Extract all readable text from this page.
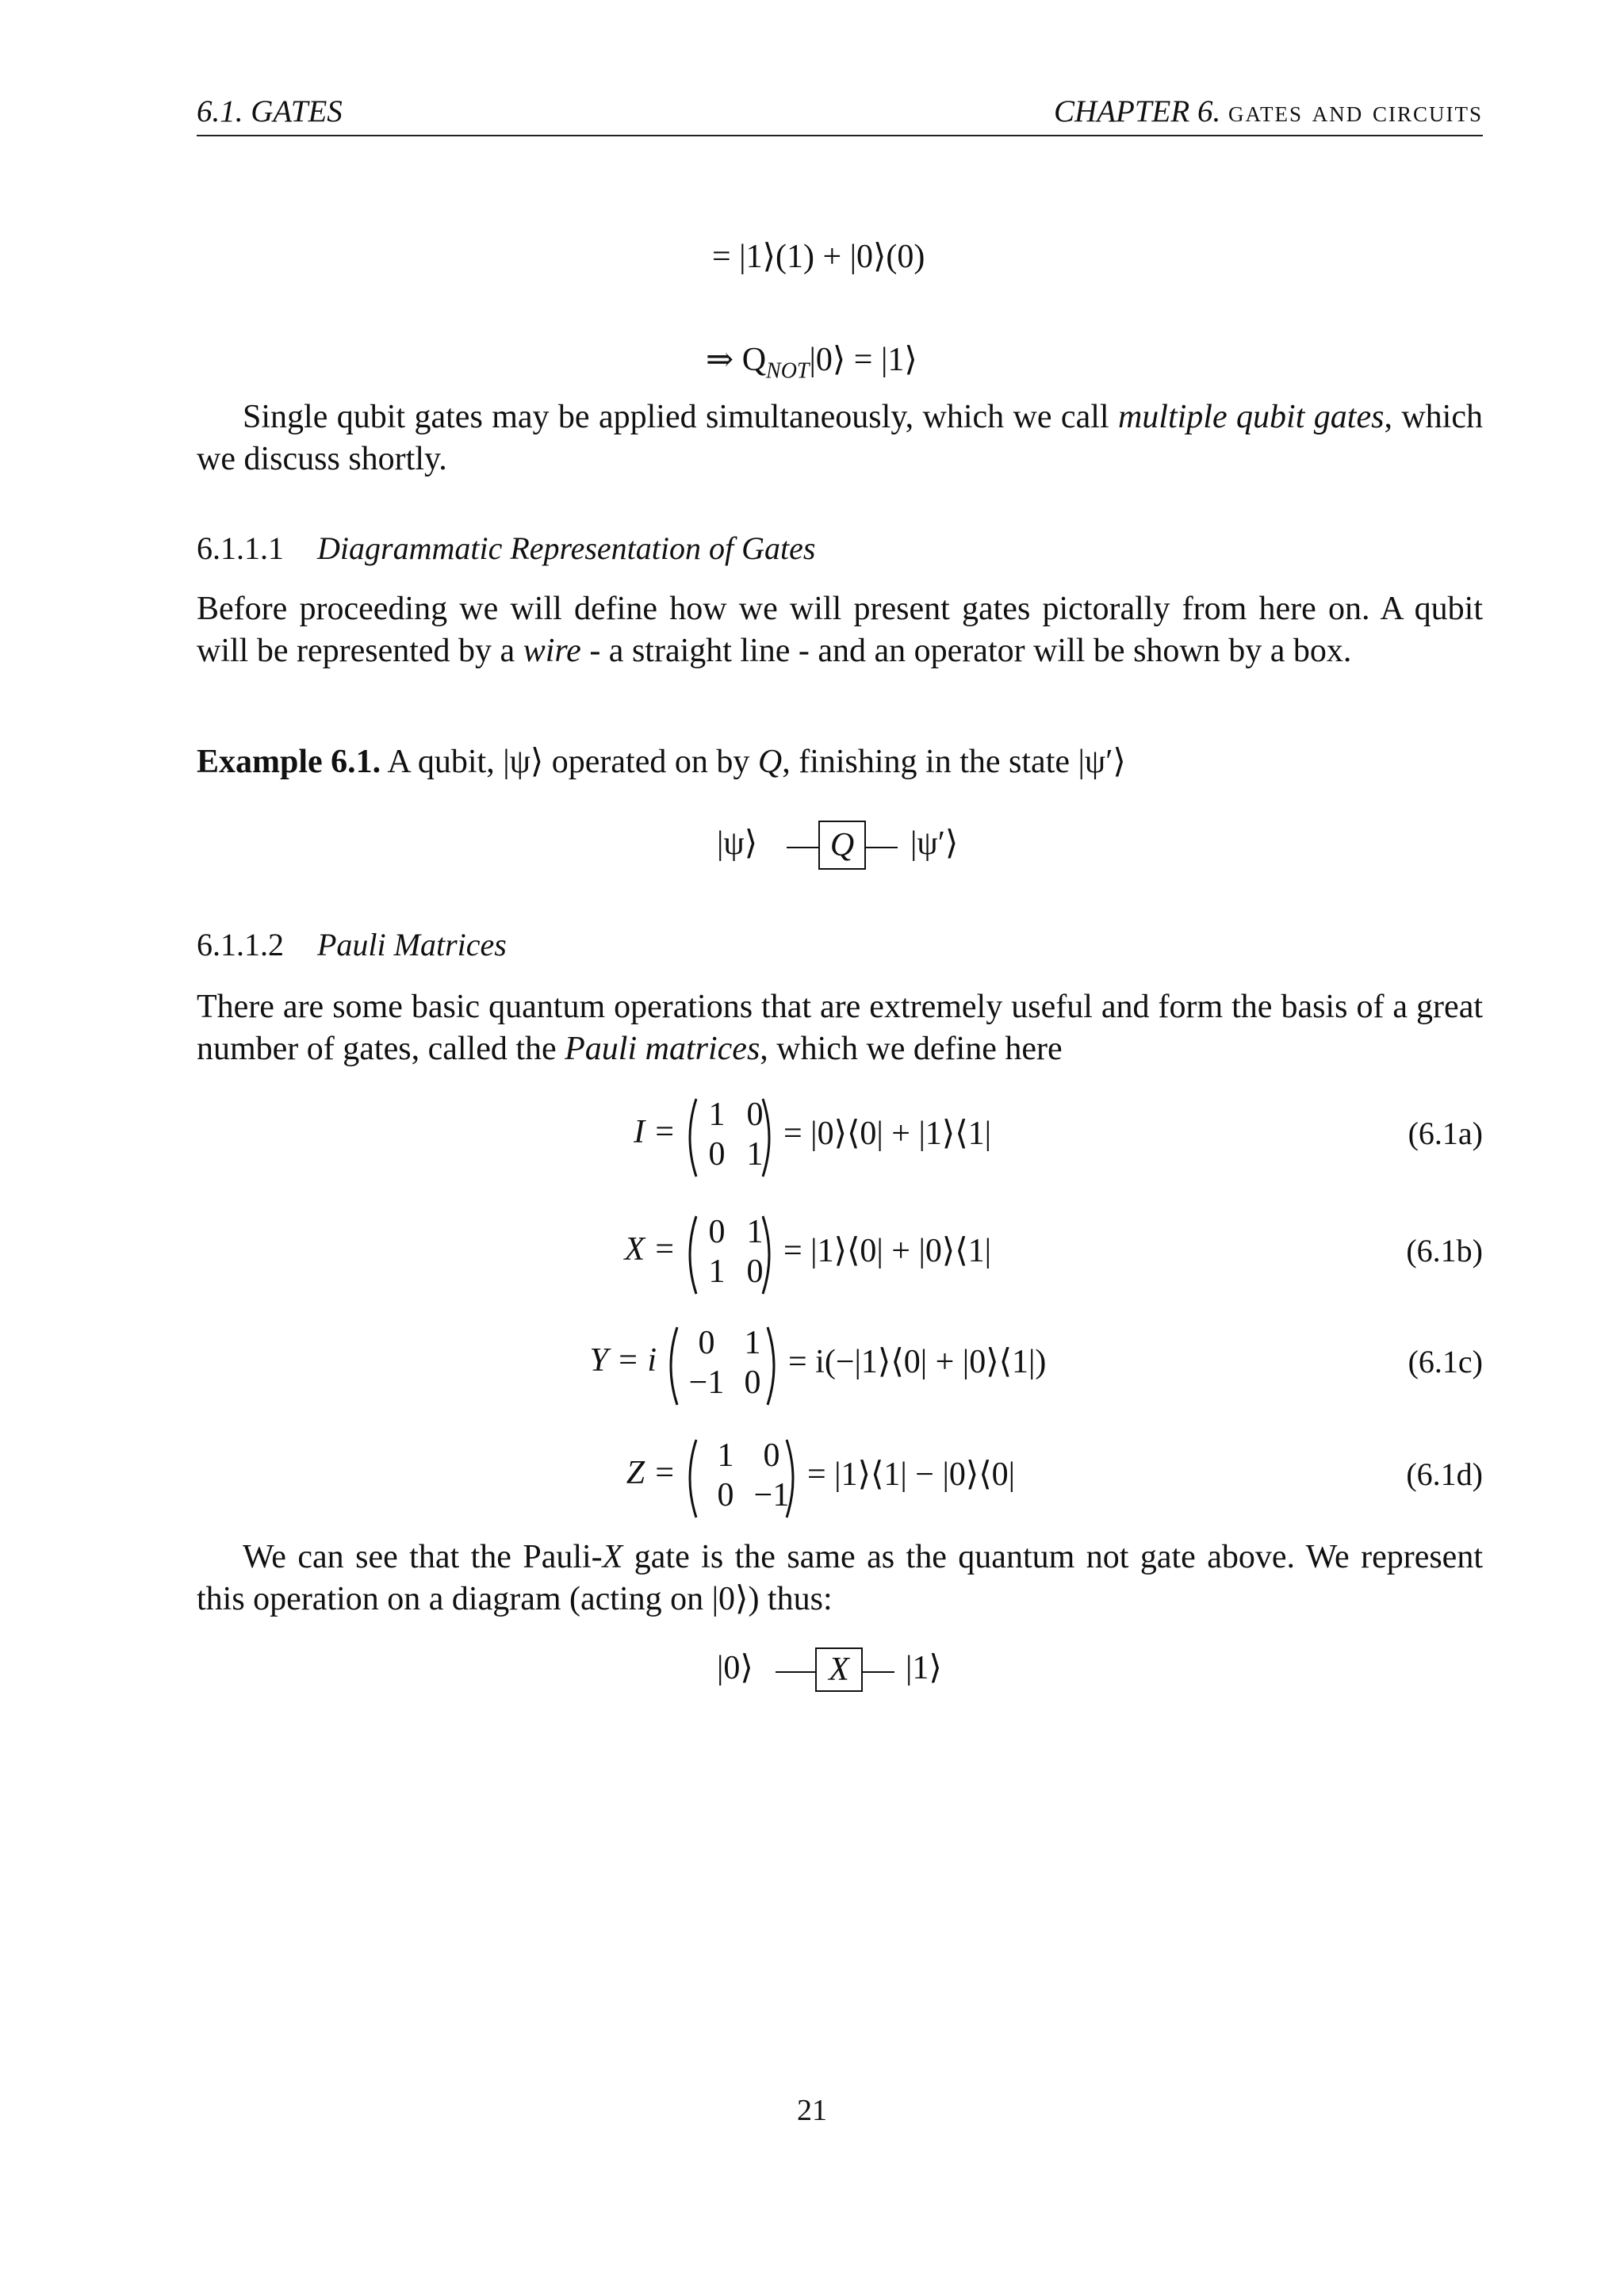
6.1. GATES	CHAPTER 6. gates and circuits
= |1⟩(1) + |0⟩(0)
⇒ $Q_{NOT}|0⟩$ = |1⟩
Single qubit gates may be applied simultaneously, which we call multiple qubit gates, which we discuss shortly.
6.1.1.1 Diagrammatic Representation of Gates
Before proceeding we will define how we will present gates pictorally from here on. A qubit will be represented by a wire - a straight line - and an operator will be shown by a box.
Example 6.1. A qubit, |ψ⟩ operated on by Q, finishing in the state |ψ′⟩
|ψ⟩	Q	|ψ′⟩
6.1.1.2 Pauli Matrices
There are some basic quantum operations that are extremely useful and form the basis of a great number of gates, called the Pauli matrices, which we define here
I = 1 0
0 1
= |0⟩⟨0| + |1⟩⟨1|	(6.1a)
X = 0 1
1 0
= |1⟩⟨0| + |0⟩⟨1|	(6.1b)
Y = i	0 1
−1 0
= i(−|1⟩⟨0| + |0⟩⟨1|)	(6.1c)
Z =	1 0
0 −1
= |1⟩⟨1| − |0⟩⟨0|	(6.1d)
We can see that the Pauli-X gate is the same as the quantum not gate above. We represent this operation on a diagram (acting on |0⟩) thus:
|0⟩	X	|1⟩
21
